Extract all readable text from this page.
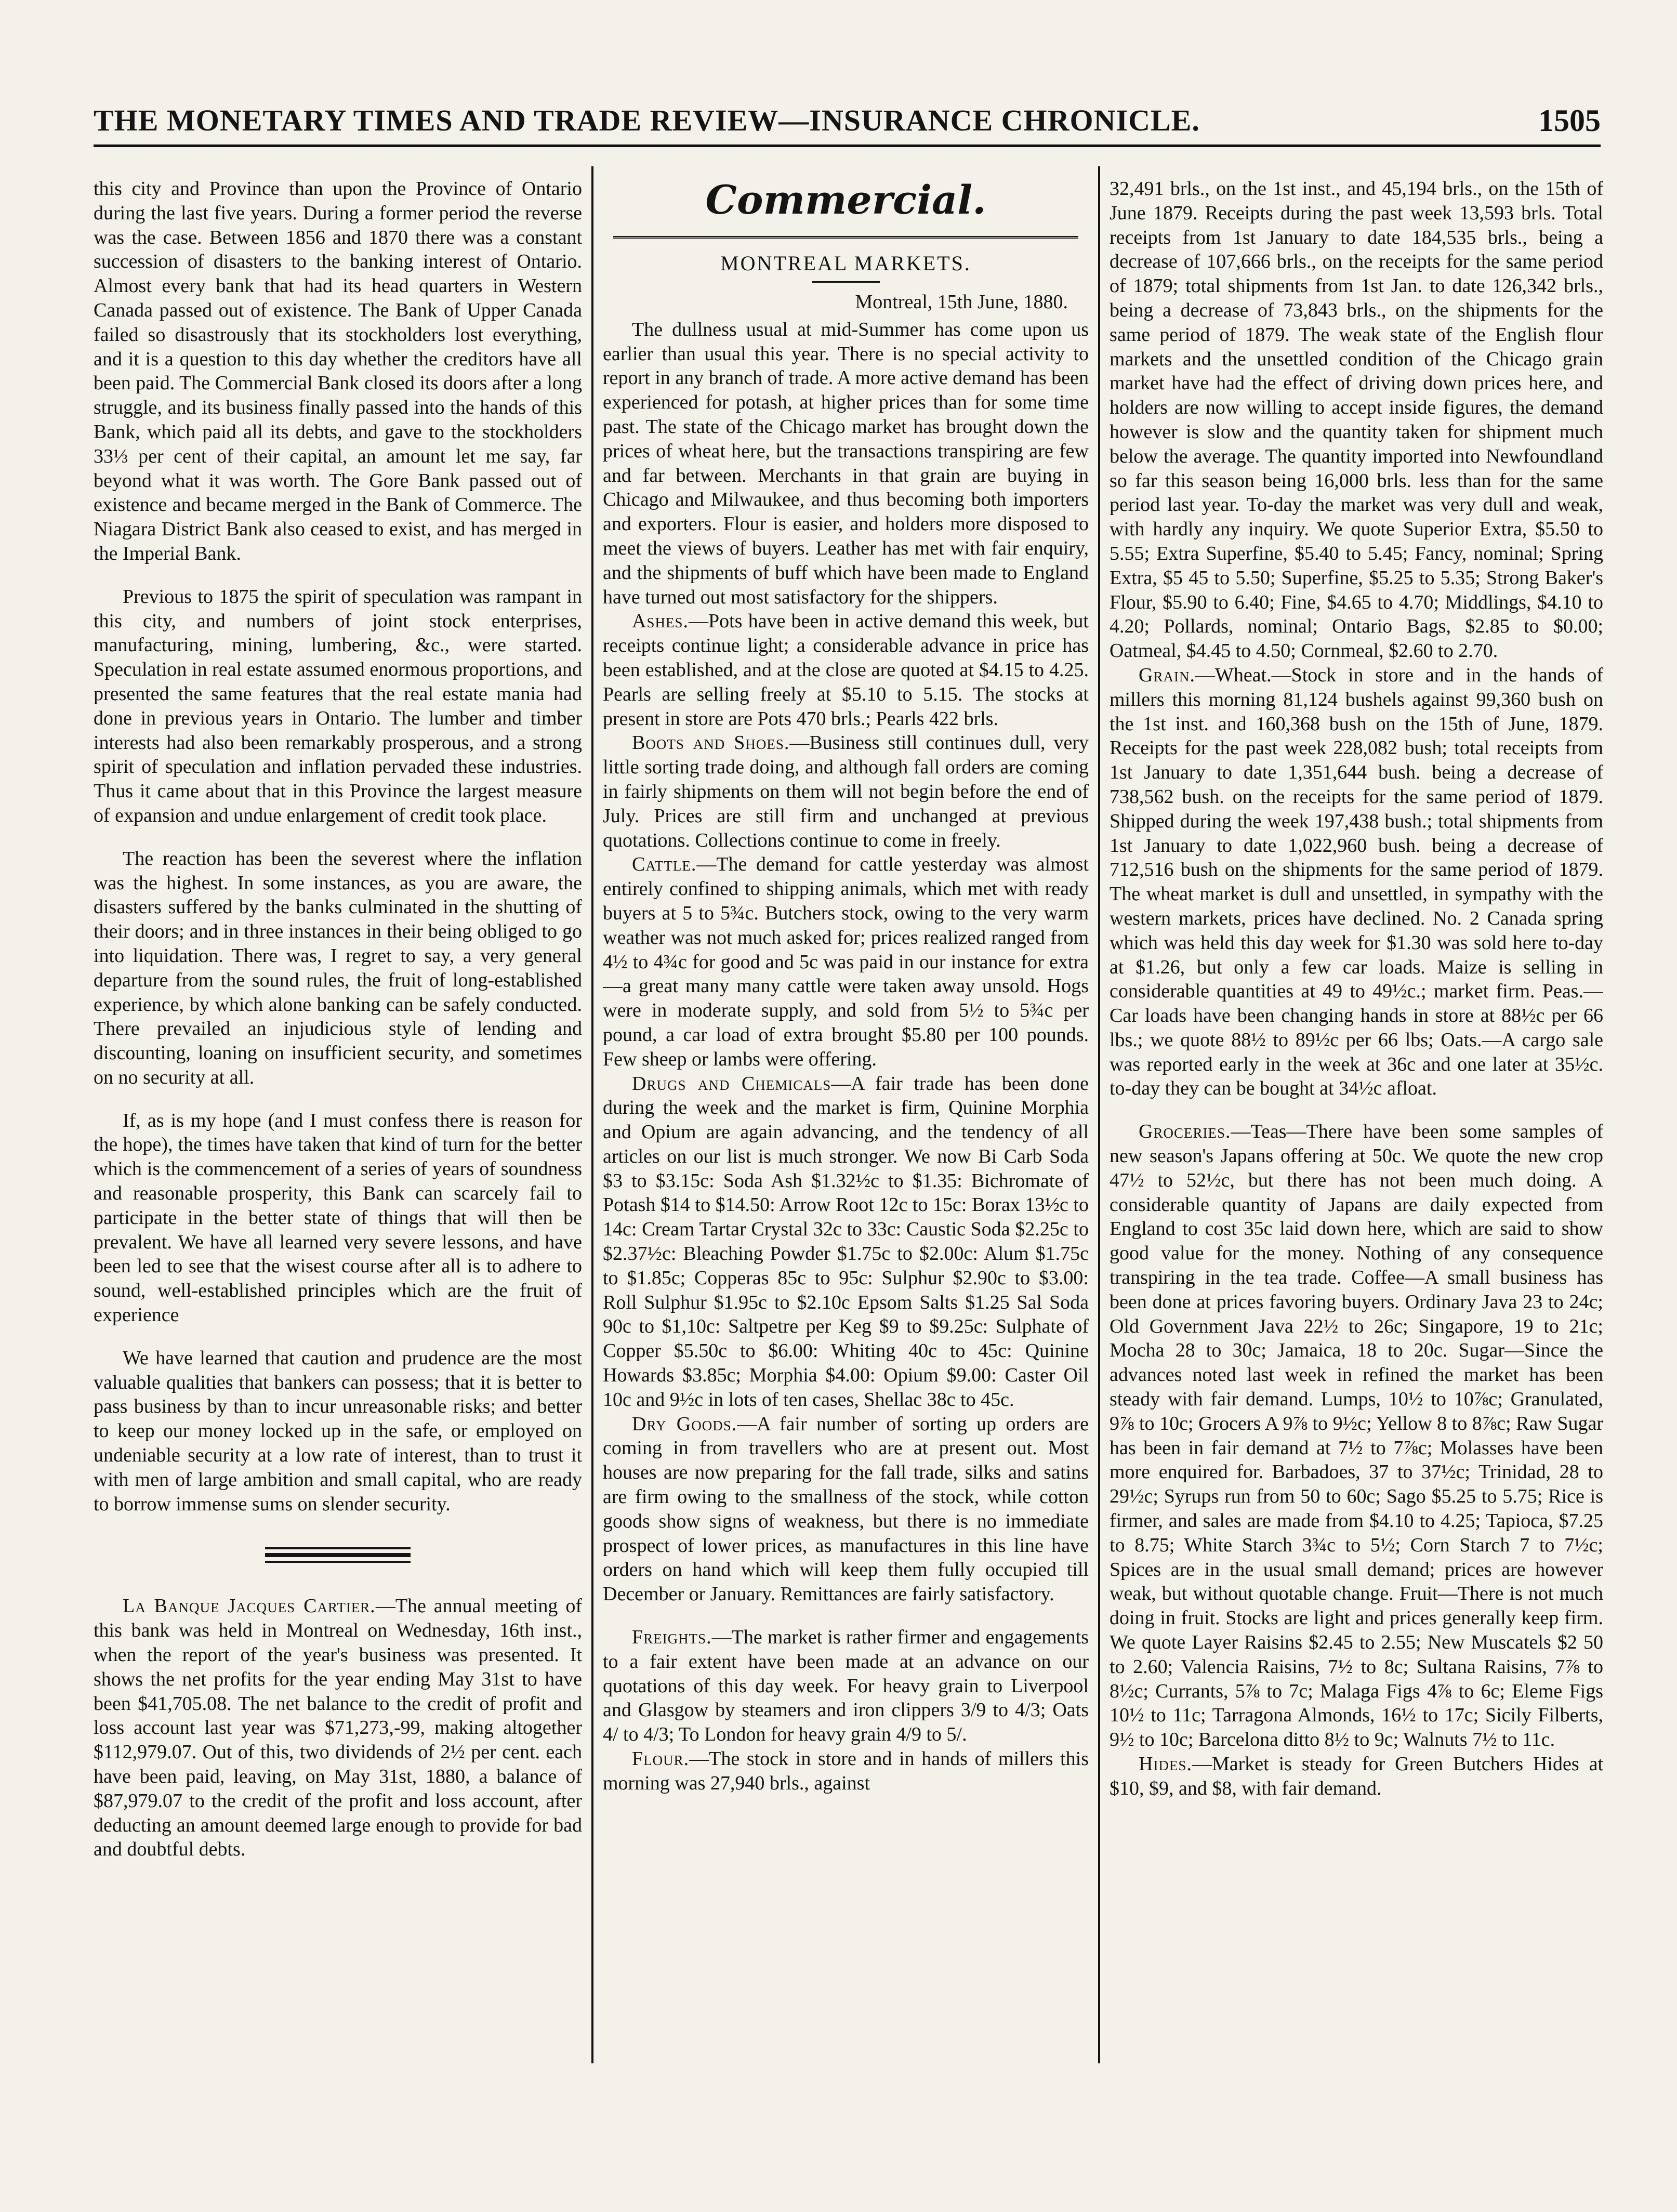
THE MONETARY TIMES AND TRADE REVIEW—INSURANCE CHRONICLE.	1505

this city and Province than upon the Province of Ontario during the last five years. During a former period the reverse was the case. Between 1856 and 1870 there was a constant succession of disasters to the banking interest of Ontario. Almost every bank that had its head quarters in Western Canada passed out of existence. The Bank of Upper Canada failed so disastrously that its stockholders lost everything, and it is a question to this day whether the creditors have all been paid. The Commercial Bank closed its doors after a long struggle, and its business finally passed into the hands of this Bank, which paid all its debts, and gave to the stockholders 33⅓ per cent of their capital, an amount let me say, far beyond what it was worth. The Gore Bank passed out of existence and became merged in the Bank of Commerce. The Niagara District Bank also ceased to exist, and has merged in the Imperial Bank.

Previous to 1875 the spirit of speculation was rampant in this city, and numbers of joint stock enterprises, manufacturing, mining, lumbering, &c., were started. Speculation in real estate assumed enormous proportions, and presented the same features that the real estate mania had done in previous years in Ontario. The lumber and timber interests had also been remarkably prosperous, and a strong spirit of speculation and inflation pervaded these industries. Thus it came about that in this Province the largest measure of expansion and undue enlargement of credit took place.

The reaction has been the severest where the inflation was the highest. In some instances, as you are aware, the disasters suffered by the banks culminated in the shutting of their doors; and in three instances in their being obliged to go into liquidation. There was, I regret to say, a very general departure from the sound rules, the fruit of long-established experience, by which alone banking can be safely conducted. There prevailed an injudicious style of lending and discounting, loaning on insufficient security, and sometimes on no security at all.

If, as is my hope (and I must confess there is reason for the hope), the times have taken that kind of turn for the better which is the commencement of a series of years of soundness and reasonable prosperity, this Bank can scarcely fail to participate in the better state of things that will then be prevalent. We have all learned very severe lessons, and have been led to see that the wisest course after all is to adhere to sound, well-established principles which are the fruit of experience

We have learned that caution and prudence are the most valuable qualities that bankers can possess; that it is better to pass business by than to incur unreasonable risks; and better to keep our money locked up in the safe, or employed on undeniable security at a low rate of interest, than to trust it with men of large ambition and small capital, who are ready to borrow immense sums on slender security.

La Banque Jacques Cartier.—The annual meeting of this bank was held in Montreal on Wednesday, 16th inst., when the report of the year's business was presented. It shows the net profits for the year ending May 31st to have been $41,705.08. The net balance to the credit of profit and loss account last year was $71,273,-99, making altogether $112,979.07. Out of this, two dividends of 2½ per cent. each have been paid, leaving, on May 31st, 1880, a balance of $87,979.07 to the credit of the profit and loss account, after deducting an amount deemed large enough to provide for bad and doubtful debts.

Commercial.
MONTREAL MARKETS.
Montreal, 15th June, 1880.

The dullness usual at mid-Summer has come upon us earlier than usual this year. There is no special activity to report in any branch of trade. A more active demand has been experienced for potash, at higher prices than for some time past. The state of the Chicago market has brought down the prices of wheat here, but the transactions transpiring are few and far between. Merchants in that grain are buying in Chicago and Milwaukee, and thus becoming both importers and exporters. Flour is easier, and holders more disposed to meet the views of buyers. Leather has met with fair enquiry, and the shipments of buff which have been made to England have turned out most satisfactory for the shippers.

Ashes.—Pots have been in active demand this week, but receipts continue light; a considerable advance in price has been established, and at the close are quoted at $4.15 to 4.25. Pearls are selling freely at $5.10 to 5.15. The stocks at present in store are Pots 470 brls.; Pearls 422 brls.

Boots and Shoes.—Business still continues dull, very little sorting trade doing, and although fall orders are coming in fairly shipments on them will not begin before the end of July. Prices are still firm and unchanged at previous quotations. Collections continue to come in freely.

Cattle.—The demand for cattle yesterday was almost entirely confined to shipping animals, which met with ready buyers at 5 to 5¾c. Butchers stock, owing to the very warm weather was not much asked for; prices realized ranged from 4½ to 4¾c for good and 5c was paid in our instance for extra—a great many many cattle were taken away unsold. Hogs were in moderate supply, and sold from 5½ to 5¾c per pound, a car load of extra brought $5.80 per 100 pounds. Few sheep or lambs were offering.

Drugs and Chemicals—A fair trade has been done during the week and the market is firm, Quinine Morphia and Opium are again advancing, and the tendency of all articles on our list is much stronger. We now Bi Carb Soda $3 to $3.15c: Soda Ash $1.32½c to $1.35: Bichromate of Potash $14 to $14.50: Arrow Root 12c to 15c: Borax 13½c to 14c: Cream Tartar Crystal 32c to 33c: Caustic Soda $2.25c to $2.37½c: Bleaching Powder $1.75c to $2.00c: Alum $1.75c to $1.85c; Copperas 85c to 95c: Sulphur $2.90c to $3.00: Roll Sulphur $1.95c to $2.10c Epsom Salts $1.25 Sal Soda 90c to $1,10c: Saltpetre per Keg $9 to $9.25c: Sulphate of Copper $5.50c to $6.00: Whiting 40c to 45c: Quinine Howards $3.85c; Morphia $4.00: Opium $9.00: Caster Oil 10c and 9½c in lots of ten cases, Shellac 38c to 45c.

Dry Goods.—A fair number of sorting up orders are coming in from travellers who are at present out. Most houses are now preparing for the fall trade, silks and satins are firm owing to the smallness of the stock, while cotton goods show signs of weakness, but there is no immediate prospect of lower prices, as manufactures in this line have orders on hand which will keep them fully occupied till December or January. Remittances are fairly satisfactory.

Freights.—The market is rather firmer and engagements to a fair extent have been made at an advance on our quotations of this day week. For heavy grain to Liverpool and Glasgow by steamers and iron clippers 3/9 to 4/3; Oats 4/ to 4/3; To London for heavy grain 4/9 to 5/.

Flour.—The stock in store and in hands of millers this morning was 27,940 brls., against

32,491 brls., on the 1st inst., and 45,194 brls., on the 15th of June 1879. Receipts during the past week 13,593 brls. Total receipts from 1st January to date 184,535 brls., being a decrease of 107,666 brls., on the receipts for the same period of 1879; total shipments from 1st Jan. to date 126,342 brls., being a decrease of 73,843 brls., on the shipments for the same period of 1879. The weak state of the English flour markets and the unsettled condition of the Chicago grain market have had the effect of driving down prices here, and holders are now willing to accept inside figures, the demand however is slow and the quantity taken for shipment much below the average. The quantity imported into Newfoundland so far this season being 16,000 brls. less than for the same period last year. To-day the market was very dull and weak, with hardly any inquiry. We quote Superior Extra, $5.50 to 5.55; Extra Superfine, $5.40 to 5.45; Fancy, nominal; Spring Extra, $5 45 to 5.50; Superfine, $5.25 to 5.35; Strong Baker's Flour, $5.90 to 6.40; Fine, $4.65 to 4.70; Middlings, $4.10 to 4.20; Pollards, nominal; Ontario Bags, $2.85 to $0.00; Oatmeal, $4.45 to 4.50; Cornmeal, $2.60 to 2.70.

Grain.—Wheat.—Stock in store and in the hands of millers this morning 81,124 bushels against 99,360 bush on the 1st inst. and 160,368 bush on the 15th of June, 1879. Receipts for the past week 228,082 bush; total receipts from 1st January to date 1,351,644 bush. being a decrease of 738,562 bush. on the receipts for the same period of 1879. Shipped during the week 197,438 bush.; total shipments from 1st January to date 1,022,960 bush. being a decrease of 712,516 bush on the shipments for the same period of 1879. The wheat market is dull and unsettled, in sympathy with the western markets, prices have declined. No. 2 Canada spring which was held this day week for $1.30 was sold here to-day at $1.26, but only a few car loads. Maize is selling in considerable quantities at 49 to 49½c.; market firm. Peas.—Car loads have been changing hands in store at 88½c per 66 lbs.; we quote 88½ to 89½c per 66 lbs; Oats.—A cargo sale was reported early in the week at 36c and one later at 35½c. to-day they can be bought at 34½c afloat.

Groceries.—Teas—There have been some samples of new season's Japans offering at 50c. We quote the new crop 47½ to 52½c, but there has not been much doing. A considerable quantity of Japans are daily expected from England to cost 35c laid down here, which are said to show good value for the money. Nothing of any consequence transpiring in the tea trade. Coffee—A small business has been done at prices favoring buyers. Ordinary Java 23 to 24c; Old Government Java 22½ to 26c; Singapore, 19 to 21c; Mocha 28 to 30c; Jamaica, 18 to 20c. Sugar—Since the advances noted last week in refined the market has been steady with fair demand. Lumps, 10½ to 10⅞c; Granulated, 9⅞ to 10c; Grocers A 9⅞ to 9½c; Yellow 8 to 8⅞c; Raw Sugar has been in fair demand at 7½ to 7⅞c; Molasses have been more enquired for. Barbadoes, 37 to 37½c; Trinidad, 28 to 29½c; Syrups run from 50 to 60c; Sago $5.25 to 5.75; Rice is firmer, and sales are made from $4.10 to 4.25; Tapioca, $7.25 to 8.75; White Starch 3¾c to 5½; Corn Starch 7 to 7½c; Spices are in the usual small demand; prices are however weak, but without quotable change. Fruit—There is not much doing in fruit. Stocks are light and prices generally keep firm. We quote Layer Raisins $2.45 to 2.55; New Muscatels $2 50 to 2.60; Valencia Raisins, 7½ to 8c; Sultana Raisins, 7⅞ to 8½c; Currants, 5⅞ to 7c; Malaga Figs 4⅞ to 6c; Eleme Figs 10½ to 11c; Tarragona Almonds, 16½ to 17c; Sicily Filberts, 9½ to 10c; Barcelona ditto 8½ to 9c; Walnuts 7½ to 11c.

Hides.—Market is steady for Green Butchers Hides at $10, $9, and $8, with fair demand.
